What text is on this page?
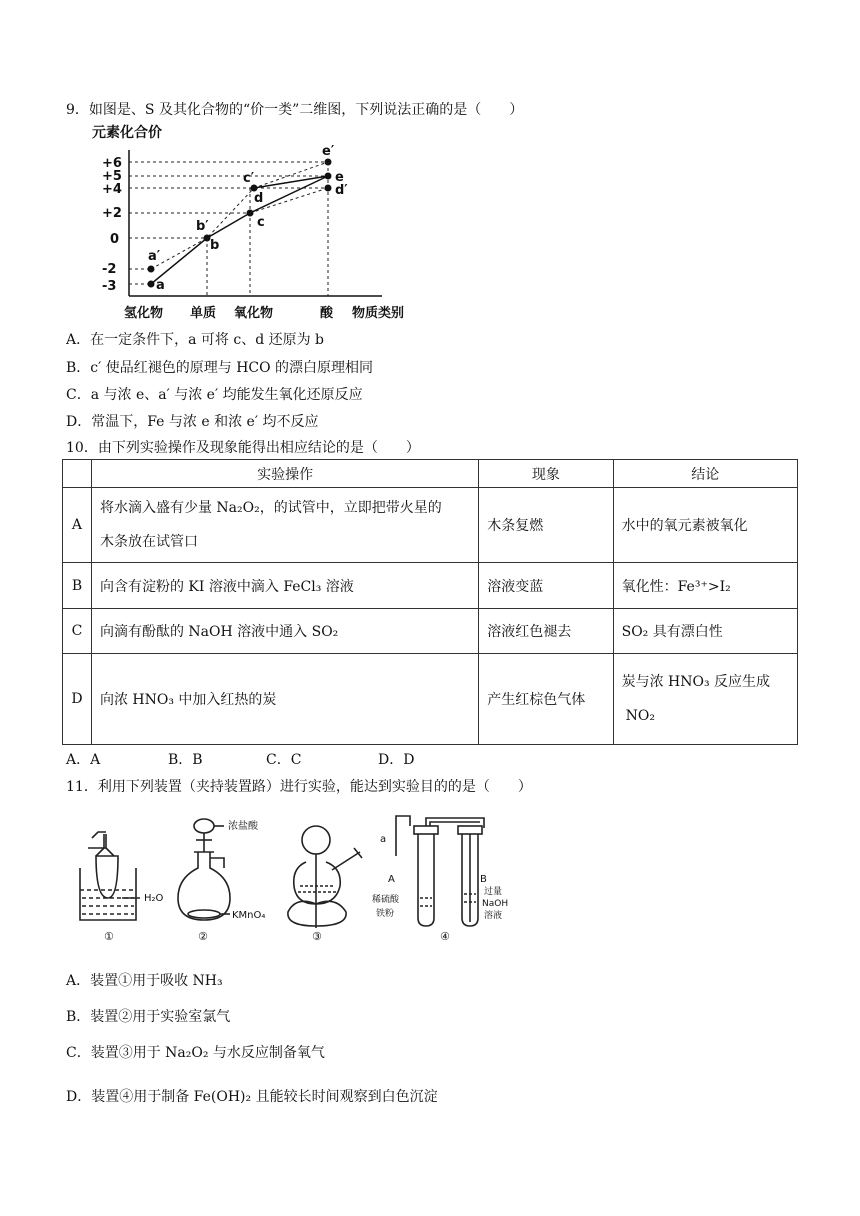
9．如图是、S 及其化合物的“价一类”二维图，下列说法正确的是（　　）
元素化合价
+6
+5
+4
+2
0
-2
-3	a
a′
b
b′	c
c′
d
e
e′
d′
氢化物 单质 氧化物	酸 物质类别
A．在一定条件下，a 可将 c、d 还原为 b
B．c′ 使品红褪色的原理与 HCO 的漂白原理相同
C．a 与浓 e、a′ 与浓 e′ 均能发生氧化还原反应
D．常温下，Fe 与浓 e 和浓 e′ 均不反应
10．由下列实验操作及现象能得出相应结论的是（　　）
	实验操作	现象	结论
A	将水滴入盛有少量 Na₂O₂，的试管中，立即把带火星的
木条放在试管口	木条复燃	水中的氧元素被氧化
B	向含有淀粉的 KI 溶液中滴入 FeCl₃ 溶液	溶液变蓝	氧化性：Fe³⁺>I₂
C	向滴有酚酞的 NaOH 溶液中通入 SO₂	溶液红色褪去	SO₂ 具有漂白性
D	向浓 HNO₃ 中加入红热的炭	产生红棕色气体	炭与浓 HNO₃ 反应生成
NO₂
A．A	B．B	C．C	D．D
11．利用下列装置（夹持装置路）进行实验，能达到实验目的的是（　　）
H₂O
浓盐酸
KMnO₄
a
A
稀硫酸
铁粉
B
过量
NaOH
溶液
①	②	③	④
A．装置①用于吸收 NH₃
B．装置②用于实验室氯气
C．装置③用于 Na₂O₂ 与水反应制备氧气
D．装置④用于制备 Fe(OH)₂ 且能较长时间观察到白色沉淀
